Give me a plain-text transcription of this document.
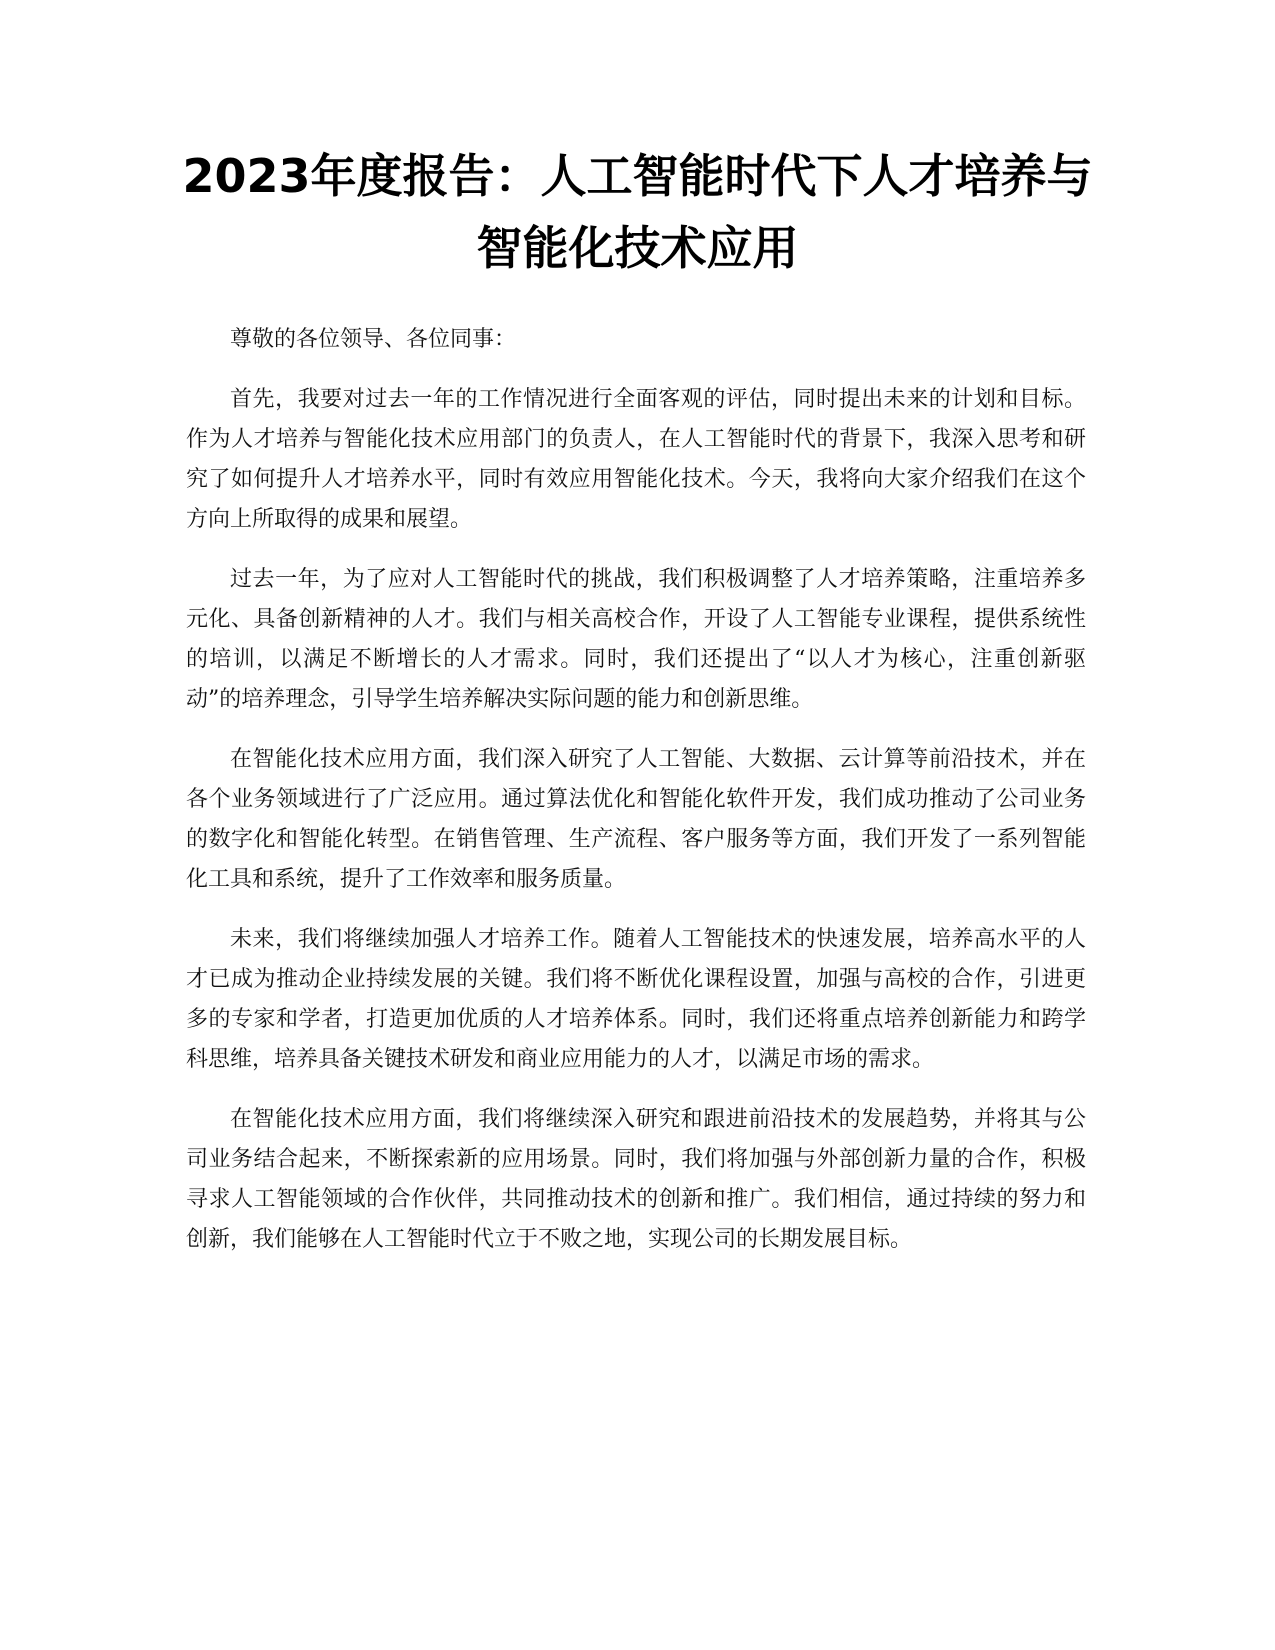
2023年度报告：人工智能时代下人才培养与
智能化技术应用

尊敬的各位领导、各位同事：

首先，我要对过去一年的工作情况进行全面客观的评估，同时提出未来的计划和目标。作为人才培养与智能化技术应用部门的负责人，在人工智能时代的背景下，我深入思考和研究了如何提升人才培养水平，同时有效应用智能化技术。今天，我将向大家介绍我们在这个方向上所取得的成果和展望。

过去一年，为了应对人工智能时代的挑战，我们积极调整了人才培养策略，注重培养多元化、具备创新精神的人才。我们与相关高校合作，开设了人工智能专业课程，提供系统性的培训，以满足不断增长的人才需求。同时，我们还提出了“以人才为核心，注重创新驱动”的培养理念，引导学生培养解决实际问题的能力和创新思维。

在智能化技术应用方面，我们深入研究了人工智能、大数据、云计算等前沿技术，并在各个业务领域进行了广泛应用。通过算法优化和智能化软件开发，我们成功推动了公司业务的数字化和智能化转型。在销售管理、生产流程、客户服务等方面，我们开发了一系列智能化工具和系统，提升了工作效率和服务质量。

未来，我们将继续加强人才培养工作。随着人工智能技术的快速发展，培养高水平的人才已成为推动企业持续发展的关键。我们将不断优化课程设置，加强与高校的合作，引进更多的专家和学者，打造更加优质的人才培养体系。同时，我们还将重点培养创新能力和跨学科思维，培养具备关键技术研发和商业应用能力的人才，以满足市场的需求。

在智能化技术应用方面，我们将继续深入研究和跟进前沿技术的发展趋势，并将其与公司业务结合起来，不断探索新的应用场景。同时，我们将加强与外部创新力量的合作，积极寻求人工智能领域的合作伙伴，共同推动技术的创新和推广。我们相信，通过持续的努力和创新，我们能够在人工智能时代立于不败之地，实现公司的长期发展目标。
